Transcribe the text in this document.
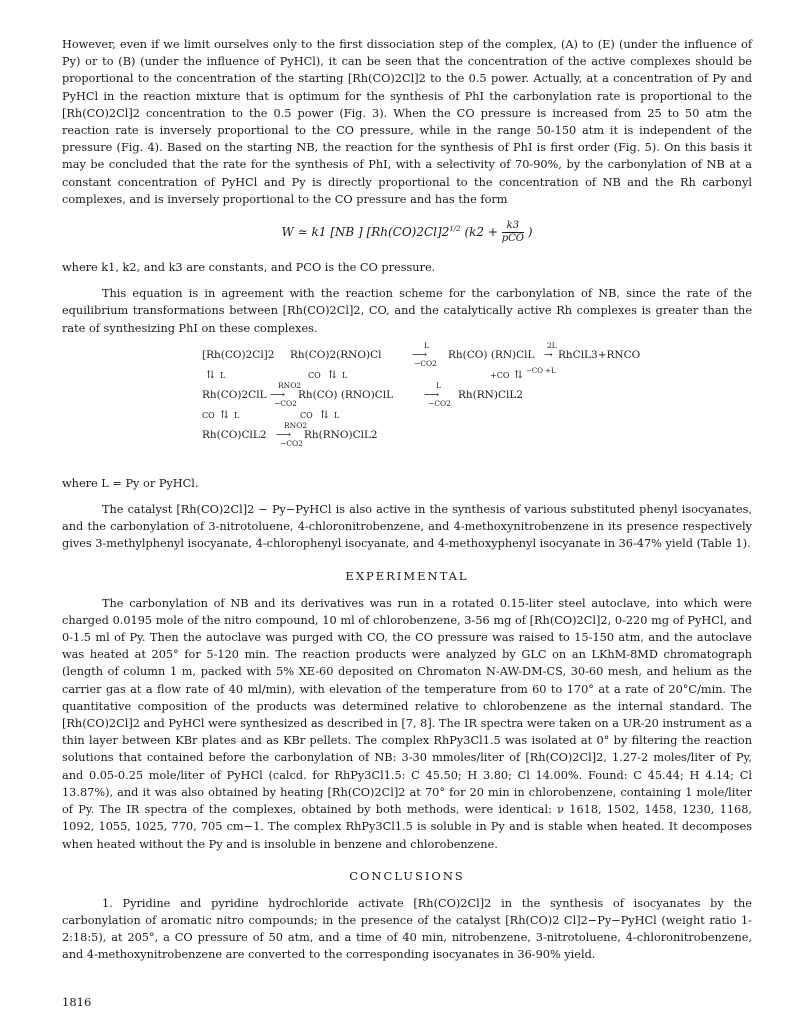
However, even if we limit ourselves only to the first dissociation step of the complex, (A) to (E) (under the influence of Py) or to (B) (under the influence of PyHCl), it can be seen that the concentration of the active complexes should be proportional to the concentration of the starting [Rh(CO)2Cl]2 to the 0.5 power. Actually, at a concentration of Py and PyHCl in the reaction mixture that is optimum for the synthesis of PhI the carbonylation rate is proportional to the [Rh(CO)2Cl]2 concentration to the 0.5 power (Fig. 3). When the CO pressure is increased from 25 to 50 atm the reaction rate is inversely proportional to the CO pressure, while in the range 50-150 atm it is independent of the pressure (Fig. 4). Based on the starting NB, the reaction for the synthesis of PhI is first order (Fig. 5). On this basis it may be concluded that the rate for the synthesis of PhI, with a selectivity of 70-90%, by the carbonylation of NB at a constant concentration of PyHCl and Py is directly proportional to the concentration of NB and the Rh carbonyl complexes, and is inversely proportional to the CO pressure and has the form

W ≃ k1 [NB ] $[Rh(CO)2Cl]2^{1/2}$ ($k2 + \frac{k3}{\text{pCO}}$ )

where k1, k2, and k3 are constants, and PCO is the CO pressure.

This equation is in agreement with the reaction scheme for the carbonylation of NB, since the rate of the equilibrium transformations between [Rh(CO)2Cl]2, CO, and the catalytically active Rh complexes is greater than the rate of synthesizing PhI on these complexes.

[Rh(CO)2Cl]2 Rh(CO)2(RNO)Cl
L
⟶
−CO2
Rh(CO) (RN)ClL
2L
→ RhClL3+RNCO
⇅ L	CO ⇅ L	+CO ⇅ −CO +L
Rh(CO)2ClL
RNO2
⟶
−CO2
Rh(CO) (RNO)ClL
L
⟶
−CO2
Rh(RN)ClL2
CO ⇅ L	CO ⇅ L
Rh(CO)ClL2
RNO2
⟶
−CO2
Rh(RNO)ClL2

where L = Py or PyHCl.

The catalyst [Rh(CO)2Cl]2 − Py−PyHCl is also active in the synthesis of various substituted phenyl isocyanates, and the carbonylation of 3-nitrotoluene, 4-chloronitrobenzene, and 4-methoxynitrobenzene in its presence respectively gives 3-methylphenyl isocyanate, 4-chlorophenyl isocyanate, and 4-methoxyphenyl isocyanate in 36-47% yield (Table 1).

EXPERIMENTAL

The carbonylation of NB and its derivatives was run in a rotated 0.15-liter steel autoclave, into which were charged 0.0195 mole of the nitro compound, 10 ml of chlorobenzene, 3-56 mg of [Rh(CO)2Cl]2, 0-220 mg of PyHCl, and 0-1.5 ml of Py. Then the autoclave was purged with CO, the CO pressure was raised to 15-150 atm, and the autoclave was heated at 205° for 5-120 min. The reaction products were analyzed by GLC on an LKhM-8MD chromatograph (length of column 1 m, packed with 5% XE-60 deposited on Chromaton N-AW-DM-CS, 30-60 mesh, and helium as the carrier gas at a flow rate of 40 ml/min), with elevation of the temperature from 60 to 170° at a rate of 20°C/min. The quantitative composition of the products was determined relative to chlorobenzene as the internal standard. The [Rh(CO)2Cl]2 and PyHCl were synthesized as described in [7, 8]. The IR spectra were taken on a UR-20 instrument as a thin layer between KBr plates and as KBr pellets. The complex RhPy3Cl1.5 was isolated at 0° by filtering the reaction solutions that contained before the carbonylation of NB: 3-30 mmoles/liter of [Rh(CO)2Cl]2, 1.27-2 moles/liter of Py, and 0.05-0.25 mole/liter of PyHCl (calcd. for RhPy3Cl1.5: C 45.50; H 3.80; Cl 14.00%. Found: C 45.44; H 4.14; Cl 13.87%), and it was also obtained by heating [Rh(CO)2Cl]2 at 70° for 20 min in chlorobenzene, containing 1 mole/liter of Py. The IR spectra of the complexes, obtained by both methods, were identical: ν 1618, 1502, 1458, 1230, 1168, 1092, 1055, 1025, 770, 705 cm−1. The complex RhPy3Cl1.5 is soluble in Py and is stable when heated. It decomposes when heated without the Py and is insoluble in benzene and chlorobenzene.

CONCLUSIONS

1. Pyridine and pyridine hydrochloride activate [Rh(CO)2Cl]2 in the synthesis of isocyanates by the carbonylation of aromatic nitro compounds; in the presence of the catalyst [Rh(CO)2 Cl]2−Py−PyHCl (weight ratio 1-2:18:5), at 205°, a CO pressure of 50 atm, and a time of 40 min, nitrobenzene, 3-nitrotoluene, 4-chloronitrobenzene, and 4-methoxynitrobenzene are converted to the corresponding isocyanates in 36-90% yield.

1816
